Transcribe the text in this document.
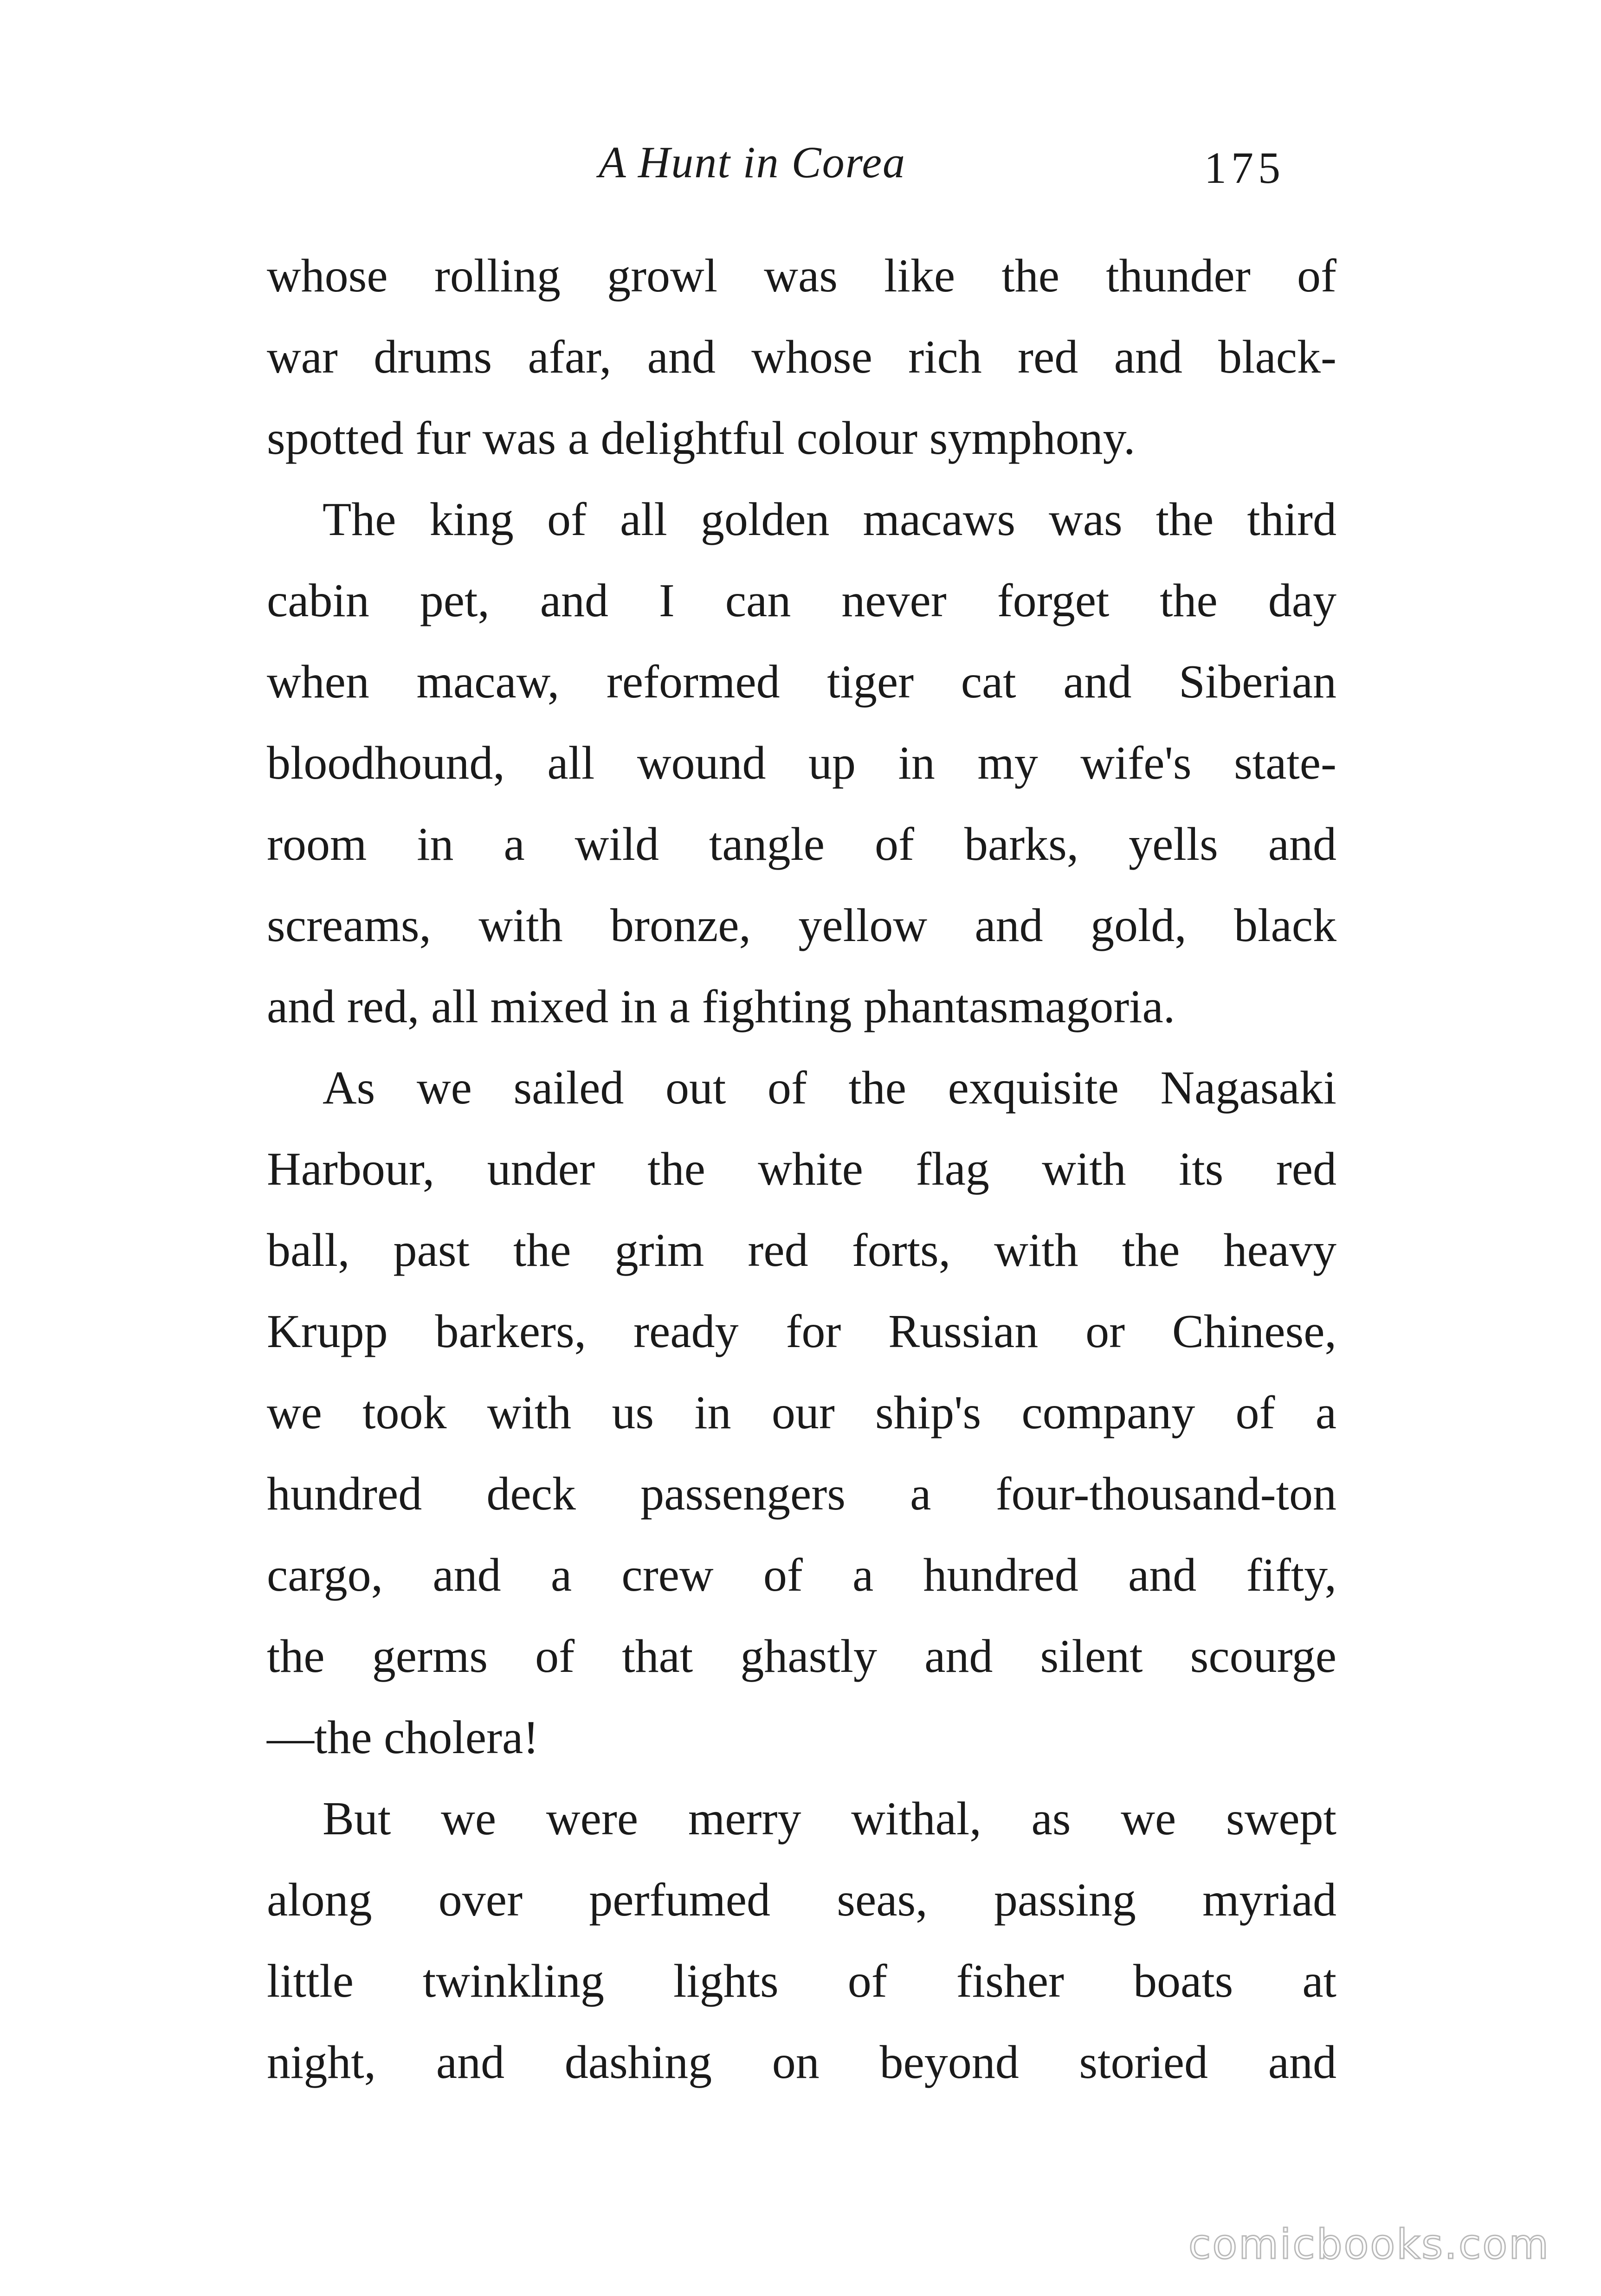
A Hunt in Corea	175
whose rolling growl was like the thunder of
war drums afar, and whose rich red and black-
spotted fur was a delightful colour symphony.
The king of all golden macaws was the third
cabin pet, and I can never forget the day
when macaw, reformed tiger cat and Siberian
bloodhound, all wound up in my wife's state-
room in a wild tangle of barks, yells and
screams, with bronze, yellow and gold, black
and red, all mixed in a fighting phantasmagoria.
As we sailed out of the exquisite Nagasaki
Harbour, under the white flag with its red
ball, past the grim red forts, with the heavy
Krupp barkers, ready for Russian or Chinese,
we took with us in our ship's company of a
hundred deck passengers a four-thousand-ton
cargo, and a crew of a hundred and fifty,
the germs of that ghastly and silent scourge
—the cholera!
But we were merry withal, as we swept
along over perfumed seas, passing myriad
little twinkling lights of fisher boats at
night, and dashing on beyond storied and
comicbooks.com
